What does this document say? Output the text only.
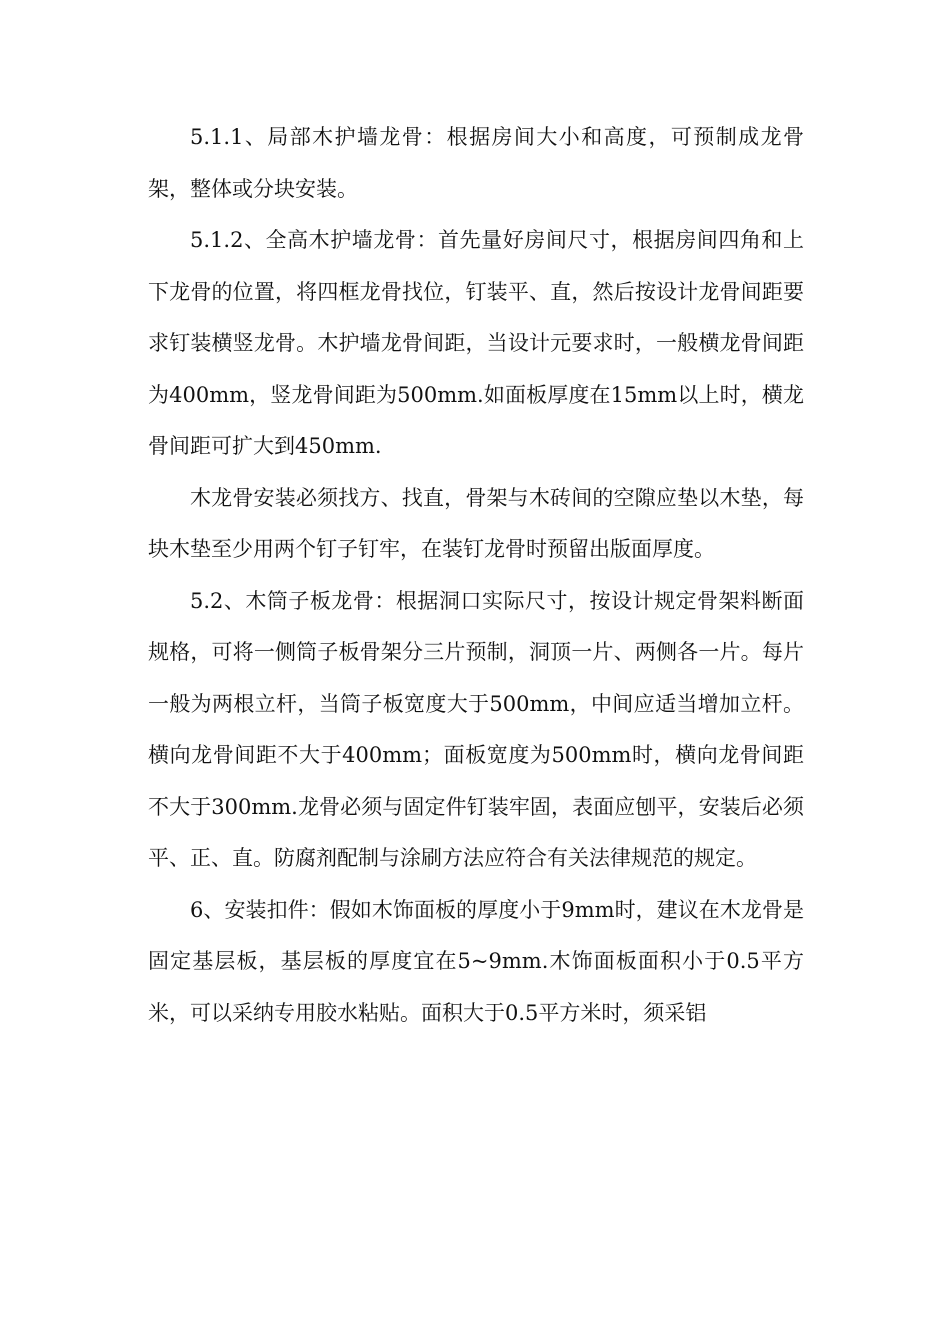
5.1.1、局部木护墙龙骨：根据房间大小和高度，可预制成龙骨架，整体或分块安装。

5.1.2、全高木护墙龙骨：首先量好房间尺寸，根据房间四角和上下龙骨的位置，将四框龙骨找位，钉装平、直，然后按设计龙骨间距要求钉装横竖龙骨。木护墙龙骨间距，当设计元要求时，一般横龙骨间距为400mm，竖龙骨间距为500mm.如面板厚度在15mm以上时，横龙骨间距可扩大到450mm.

木龙骨安装必须找方、找直，骨架与木砖间的空隙应垫以木垫，每块木垫至少用两个钉子钉牢，在装钉龙骨时预留出版面厚度。

5.2、木筒子板龙骨：根据洞口实际尺寸，按设计规定骨架料断面规格，可将一侧筒子板骨架分三片预制，洞顶一片、两侧各一片。每片一般为两根立杆，当筒子板宽度大于500mm，中间应适当增加立杆。横向龙骨间距不大于400mm；面板宽度为500mm时，横向龙骨间距不大于300mm.龙骨必须与固定件钉装牢固，表面应刨平，安装后必须平、正、直。防腐剂配制与涂刷方法应符合有关法律规范的规定。

6、安装扣件：假如木饰面板的厚度小于9mm时，建议在木龙骨是固定基层板，基层板的厚度宜在5~9mm.木饰面板面积小于0.5平方米，可以采纳专用胶水粘贴。面积大于0.5平方米时，须采铝
